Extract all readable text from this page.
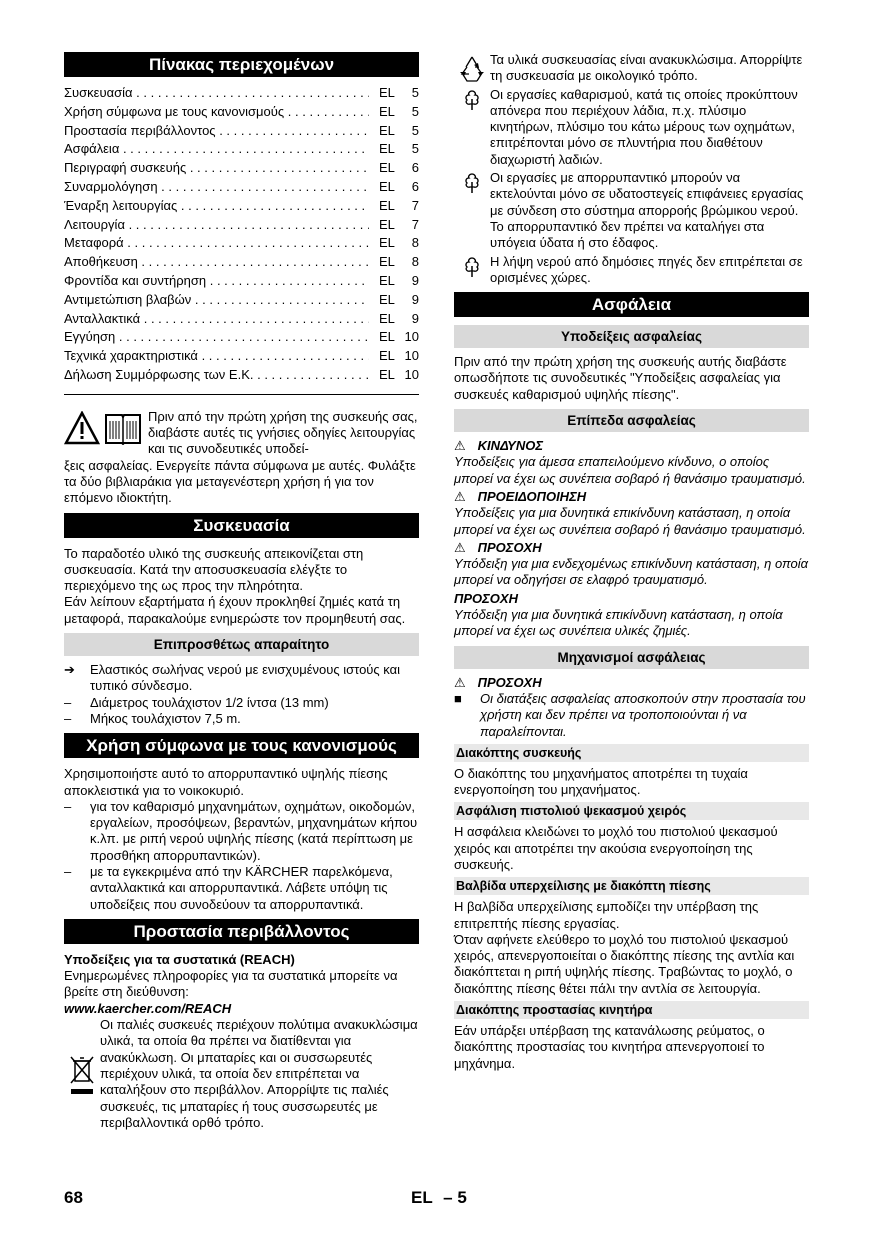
Πίνακας περιεχομένων
Συσκευασία . . .	EL	5
Χρήση σύμφωνα με τους κανονισμούς . . .	EL	5
Προστασία περιβάλλοντος . . .	EL	5
Ασφάλεια . . .	EL	5
Περιγραφή συσκευής . . .	EL	6
Συναρμολόγηση . . .	EL	6
Έναρξη λειτουργίας . . .	EL	7
Λειτουργία . . .	EL	7
Μεταφορά . . .	EL	8
Αποθήκευση . . .	EL	8
Φροντίδα και συντήρηση . . .	EL	9
Αντιμετώπιση βλαβών . . .	EL	9
Ανταλλακτικά . . .	EL	9
Εγγύηση . . .	EL 10
Τεχνικά χαρακτηριστικά . . .	EL 10
Δήλωση Συμμόρφωσης των Ε.Κ. . . .	EL 10

Πριν από την πρώτη χρήση της συσκευής σας, διαβάστε αυτές τις γνήσιες οδηγίες λειτουργίας και τις συνοδευτικές υποδεί-

ξεις ασφαλείας. Ενεργείτε πάντα σύμφωνα με αυτές. Φυλάξτε τα δύο βιβλιαράκια για μεταγενέστερη χρήση ή για τον επόμενο ιδιοκτήτη.

Συσκευασία

Το παραδοτέο υλικό της συσκευής απεικονίζεται στη συσκευασία. Κατά την αποσυσκευασία ελέγξτε το περιεχόμενο της ως προς την πληρότητα.

Εάν λείπουν εξαρτήματα ή έχουν προκληθεί ζημιές κατά τη μεταφορά, παρακαλούμε ενημερώστε τον προμηθευτή σας.

Επιπροσθέτως απαραίτητο
➔	Ελαστικός σωλήνας νερού με ενισχυμένους ιστούς και τυπικό σύνδεσμο.
–	Διάμετρος τουλάχιστον 1/2 ίντσα (13 mm)
–	Μήκος τουλάχιστον 7,5 m.
Χρήση σύμφωνα με τους κανονισμούς

Χρησιμοποιήστε αυτό το απορρυπαντικό υψηλής πίεσης αποκλειστικά για το νοικοκυριό.

–	για τον καθαρισμό μηχανημάτων, οχημάτων, οικοδομών, εργαλείων, προσόψεων, βεραντών, μηχανημάτων κήπου κ.λπ. με ριπή νερού υψηλής πίεσης (κατά περίπτωση με προσθήκη απορρυπαντικών).
–	με τα εγκεκριμένα από την KÄRCHER παρελκόμενα, ανταλλακτικά και απορρυπαντικά. Λάβετε υπόψη τις υποδείξεις που συνοδεύουν τα απορρυπαντικά.
Προστασία περιβάλλοντος

Υποδείξεις για τα συστατικά (REACH)

Ενημερωμένες πληροφορίες για τα συστατικά μπορείτε να βρείτε στη διεύθυνση:

www.kaercher.com/REACH

Οι παλιές συσκευές περιέχουν πολύτιμα ανακυκλώσιμα υλικά, τα οποία θα πρέπει να διατίθενται για ανακύκλωση. Οι μπαταρίες και οι συσσωρευτές περιέχουν υλικά, τα οποία δεν επιτρέπεται να καταλήξουν στο περιβάλλον. Απορρίψτε τις παλιές συσκευές, τις μπαταρίες ή τους συσσωρευτές με περιβαλλοντικά ορθό τρόπο.

Τα υλικά συσκευασίας είναι ανακυκλώσιμα. Απορρίψτε τη συσκευασία με οικολογικό τρόπο.

Οι εργασίες καθαρισμού, κατά τις οποίες προκύπτουν απόνερα που περιέχουν λάδια, π.χ. πλύσιμο κινητήρων, πλύσιμο του κάτω μέρους των οχημάτων, επιτρέπονται μόνο σε πλυντήρια που διαθέτουν διαχωριστή λαδιών.

Οι εργασίες με απορρυπαντικό μπορούν να εκτελούνται μόνο σε υδατοστεγείς επιφάνειες εργασίας με σύνδεση στο σύστημα απορροής βρώμικου νερού. Το απορρυπαντικό δεν πρέπει να καταλήγει στα υπόγεια ύδατα ή στο έδαφος.

Η λήψη νερού από δημόσιες πηγές δεν επιτρέπεται σε ορισμένες χώρες.

Ασφάλεια
Υποδείξεις ασφαλείας

Πριν από την πρώτη χρήση της συσκευής αυτής διαβάστε οπωσδήποτε τις συνοδευτικές "Υποδείξεις ασφαλείας για συσκευές καθαρισμού υψηλής πίεσης".

Επίπεδα ασφαλείας

⚠ ΚΙΝΔΥΝΟΣ

Υποδείξεις για άμεσα επαπειλούμενο κίνδυνο, ο οποίος μπορεί να έχει ως συνέπεια σοβαρό ή θανάσιμο τραυματισμό.

⚠ ΠΡΟΕΙΔΟΠΟΙΗΣΗ

Υποδείξεις για μια δυνητικά επικίνδυνη κατάσταση, η οποία μπορεί να έχει ως συνέπεια σοβαρό ή θανάσιμο τραυματισμό.

⚠ ΠΡΟΣΟΧΗ

Υπόδειξη για μια ενδεχομένως επικίνδυνη κατάσταση, η οποία μπορεί να οδηγήσει σε ελαφρό τραυματισμό.

ΠΡΟΣΟΧΗ

Υπόδειξη για μια δυνητικά επικίνδυνη κατάσταση, η οποία μπορεί να έχει ως συνέπεια υλικές ζημιές.

Μηχανισμοί ασφάλειας

⚠ ΠΡΟΣΟΧΗ

■	Οι διατάξεις ασφαλείας αποσκοπούν στην προστασία του χρήστη και δεν πρέπει να τροποποιούνται ή να παραλείπονται.
Διακόπτης συσκευής

Ο διακόπτης του μηχανήματος αποτρέπει τη τυχαία ενεργοποίηση του μηχανήματος.

Ασφάλιση πιστολιού ψεκασμού χειρός

Η ασφάλεια κλειδώνει το μοχλό του πιστολιού ψεκασμού χειρός και αποτρέπει την ακούσια ενεργοποίηση της συσκευής.

Βαλβίδα υπερχείλισης με διακόπτη πίεσης

Η βαλβίδα υπερχείλισης εμποδίζει την υπέρβαση της επιτρεπτής πίεσης εργασίας.

Όταν αφήνετε ελεύθερο το μοχλό του πιστολιού ψεκασμού χειρός, απενεργοποιείται ο διακόπτης πίεσης της αντλία και διακόπτεται η ριπή υψηλής πίεσης. Τραβώντας το μοχλό, ο διακόπτης πίεσης θέτει πάλι την αντλία σε λειτουργία.

Διακόπτης προστασίας κινητήρα

Εάν υπάρξει υπέρβαση της κατανάλωσης ρεύματος, ο διακόπτης προστασίας του κινητήρα απενεργοποιεί το μηχάνημα.

68	EL – 5
